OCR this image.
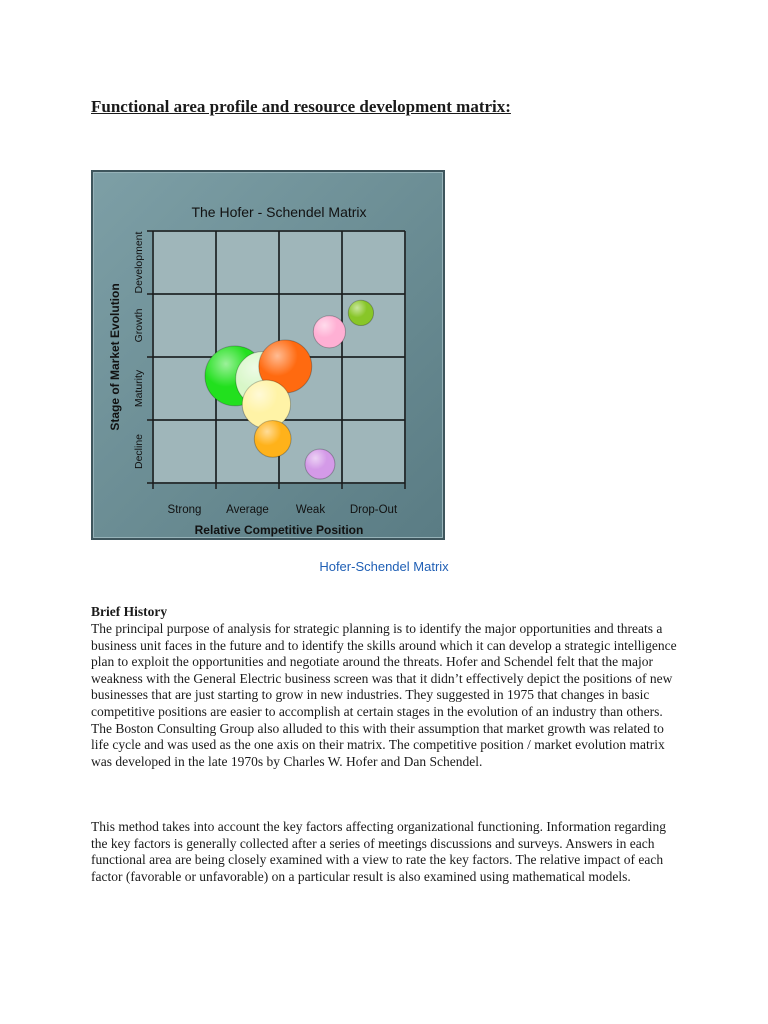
Functional area profile and resource development matrix:
The Hofer - Schendel Matrix
Strong Average Weak Drop-Out
Relative Competitive Position
Development
Growth
Maturity
Decline
Stage of Market Evolution

Hofer-Schendel Matrix

Brief History

The principal purpose of analysis for strategic planning is to identify the major opportunities and threats a business unit faces in the future and to identify the skills around which it can develop a strategic intelligence plan to exploit the opportunities and negotiate around the threats. Hofer and Schendel felt that the major weakness with the General Electric business screen was that it didn’t effectively depict the positions of new businesses that are just starting to grow in new industries. They suggested in 1975 that changes in basic competitive positions are easier to accomplish at certain stages in the evolution of an industry than others. The Boston Consulting Group also alluded to this with their assumption that market growth was related to life cycle and was used as the one axis on their matrix. The competitive position / market evolution matrix was developed in the late 1970s by Charles W. Hofer and Dan Schendel.

This method takes into account the key factors affecting organizational functioning. Information regarding the key factors is generally collected after a series of meetings discussions and surveys. Answers in each functional area are being closely examined with a view to rate the key factors. The relative impact of each factor (favorable or unfavorable) on a particular result is also examined using mathematical models.
